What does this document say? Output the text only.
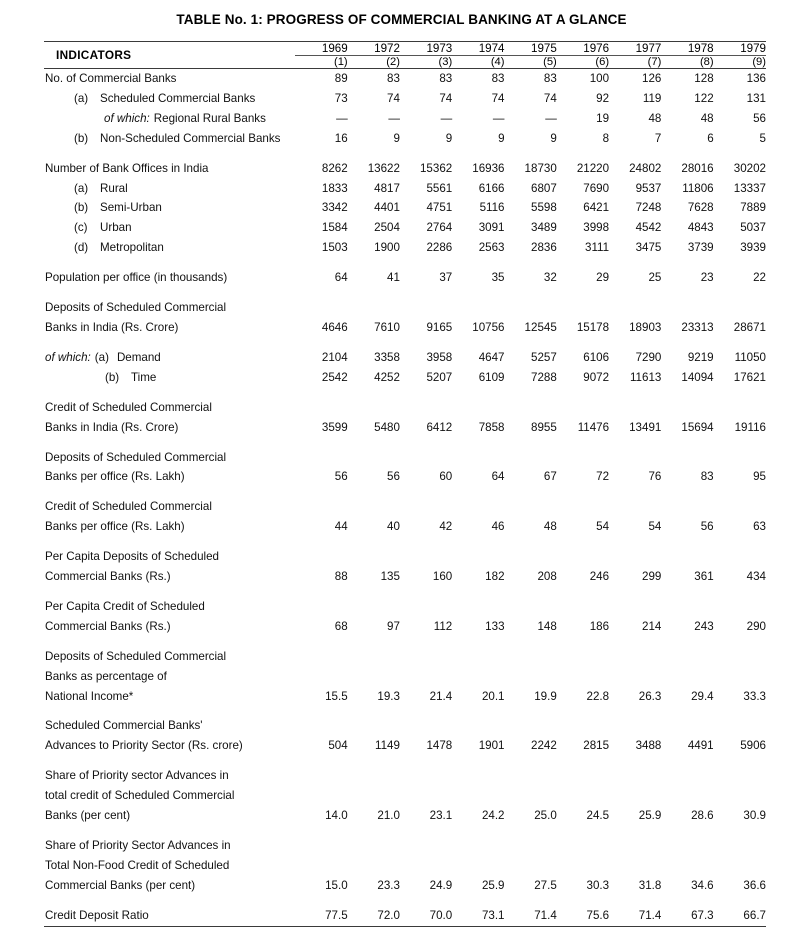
TABLE No. 1: PROGRESS OF COMMERCIAL BANKING AT A GLANCE

INDICATORS	1969	1972	1973	1974	1975	1976	1977	1978	1979
	(1)	(2)	(3)	(4)	(5)	(6)	(7)	(8)	(9)

No. of Commercial Banks	89	83	83	83	83	100	126	128	136
(a) Scheduled Commercial Banks	73	74	74	74	74	92	119	122	131
of which: Regional Rural Banks	—	—	—	—	—	19	48	48	56
(b) Non-Scheduled Commercial Banks	16	9	9	9	9	8	7	6	5
Number of Bank Offices in India	8262	13622	15362	16936	18730	21220	24802	28016	30202
(a) Rural	1833	4817	5561	6166	6807	7690	9537	11806	13337
(b) Semi-Urban	3342	4401	4751	5116	5598	6421	7248	7628	7889
(c) Urban	1584	2504	2764	3091	3489	3998	4542	4843	5037
(d) Metropolitan	1503	1900	2286	2563	2836	3111	3475	3739	3939
Population per office (in thousands)	64	41	37	35	32	29	25	23	22
Deposits of Scheduled Commercial									
Banks in India (Rs. Crore)	4646	7610	9165	10756	12545	15178	18903	23313	28671
of which: (a) Demand	2104	3358	3958	4647	5257	6106	7290	9219	11050
(b) Time	2542	4252	5207	6109	7288	9072	11613	14094	17621
Credit of Scheduled Commercial									
Banks in India (Rs. Crore)	3599	5480	6412	7858	8955	11476	13491	15694	19116
Deposits of Scheduled Commercial									
Banks per office (Rs. Lakh)	56	56	60	64	67	72	76	83	95
Credit of Scheduled Commercial									
Banks per office (Rs. Lakh)	44	40	42	46	48	54	54	56	63
Per Capita Deposits of Scheduled									
Commercial Banks (Rs.)	88	135	160	182	208	246	299	361	434
Per Capita Credit of Scheduled									
Commercial Banks (Rs.)	68	97	112	133	148	186	214	243	290
Deposits of Scheduled Commercial									
Banks as percentage of									
National Income*	15.5	19.3	21.4	20.1	19.9	22.8	26.3	29.4	33.3
Scheduled Commercial Banks'									
Advances to Priority Sector (Rs. crore)	504	1149	1478	1901	2242	2815	3488	4491	5906
Share of Priority sector Advances in									
total credit of Scheduled Commercial									
Banks (per cent)	14.0	21.0	23.1	24.2	25.0	24.5	25.9	28.6	30.9
Share of Priority Sector Advances in									
Total Non-Food Credit of Scheduled									
Commercial Banks (per cent)	15.0	23.3	24.9	25.9	27.5	30.3	31.8	34.6	36.6
Credit Deposit Ratio	77.5	72.0	70.0	73.1	71.4	75.6	71.4	67.3	66.7
